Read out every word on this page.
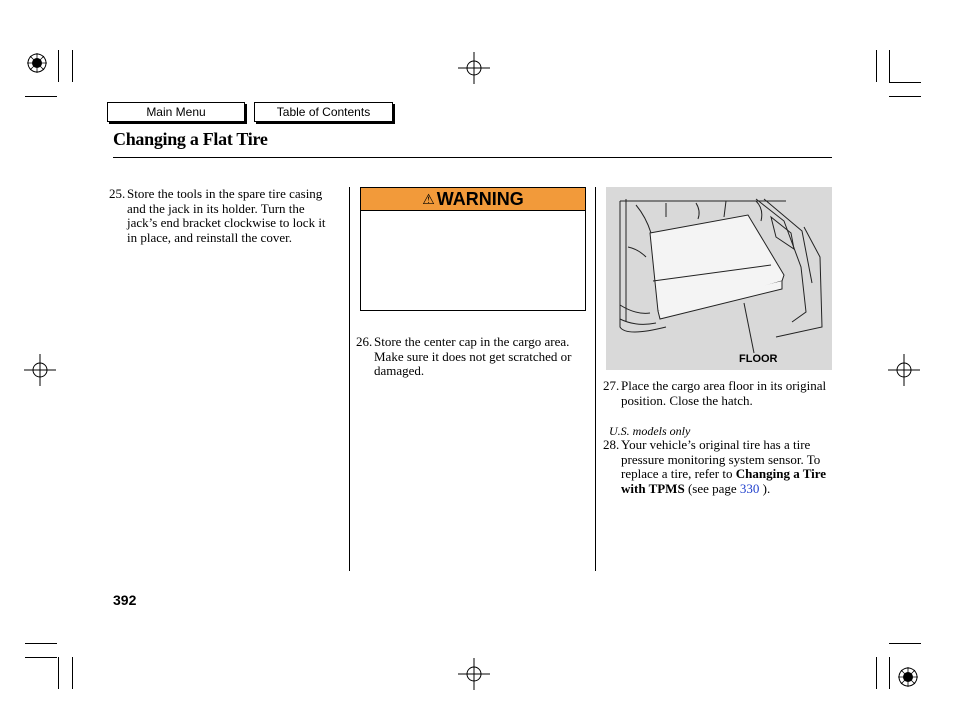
Main Menu	Table of Contents
Changing a Flat Tire
25. Store the tools in the spare tire casing and the jack in its holder. Turn the jack’s end bracket clockwise to lock it in place, and reinstall the cover.
⚠ WARNING
26. Store the center cap in the cargo area. Make sure it does not get scratched or damaged.
FLOOR
27. Place the cargo area floor in its original position. Close the hatch.
U.S. models only
28. Your vehicle’s original tire has a tire pressure monitoring system sensor. To replace a tire, refer to Changing a Tire with TPMS (see page 330 ).
392
